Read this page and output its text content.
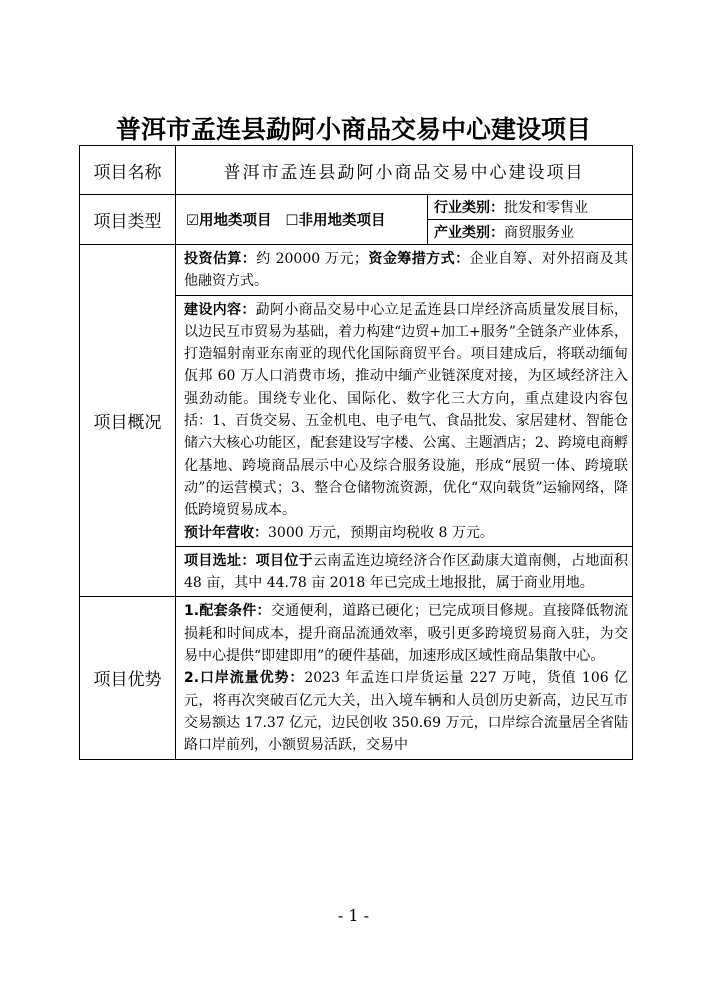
普洱市孟连县勐阿小商品交易中心建设项目
项目名称	普洱市孟连县勐阿小商品交易中心建设项目	
项目类型	☑用地类项目 ☐非用地类项目	行业类别：批发和零售业
		产业类别：商贸服务业
项目概况	投资估算：约 20000 万元；资金筹措方式：企业自筹、对外招商及其他融资方式。	
	建设内容：勐阿小商品交易中心立足孟连县口岸经济高质量发展目标，以边民互市贸易为基础，着力构建“边贸+加工+服务”全链条产业体系，打造辐射南亚东南亚的现代化国际商贸平台。项目建成后，将联动缅甸佤邦 60 万人口消费市场，推动中缅产业链深度对接，为区域经济注入强劲动能。围绕专业化、国际化、数字化三大方向，重点建设内容包括：1、百货交易、五金机电、电子电气、食品批发、家居建材、智能仓储六大核心功能区，配套建设写字楼、公寓、主题酒店；2、跨境电商孵化基地、跨境商品展示中心及综合服务设施，形成“展贸一体、跨境联动”的运营模式；3、整合仓储物流资源，优化“双向载货”运输网络，降低跨境贸易成本。
预计年营收：3000 万元，预期亩均税收 8 万元。	
	项目选址：项目位于云南孟连边境经济合作区勐康大道南侧，占地面积 48 亩，其中 44.78 亩 2018 年已完成土地报批，属于商业用地。	
项目优势	1.配套条件：交通便利，道路已硬化；已完成项目修规。直接降低物流损耗和时间成本，提升商品流通效率，吸引更多跨境贸易商入驻，为交易中心提供“即建即用”的硬件基础，加速形成区域性商品集散中心。
2.口岸流量优势：2023 年孟连口岸货运量 227 万吨，货值 106 亿元，将再次突破百亿元大关，出入境车辆和人员创历史新高，边民互市交易额达 17.37 亿元，边民创收 350.69 万元，口岸综合流量居全省陆路口岸前列，小额贸易活跃，交易中	
- 1 -
